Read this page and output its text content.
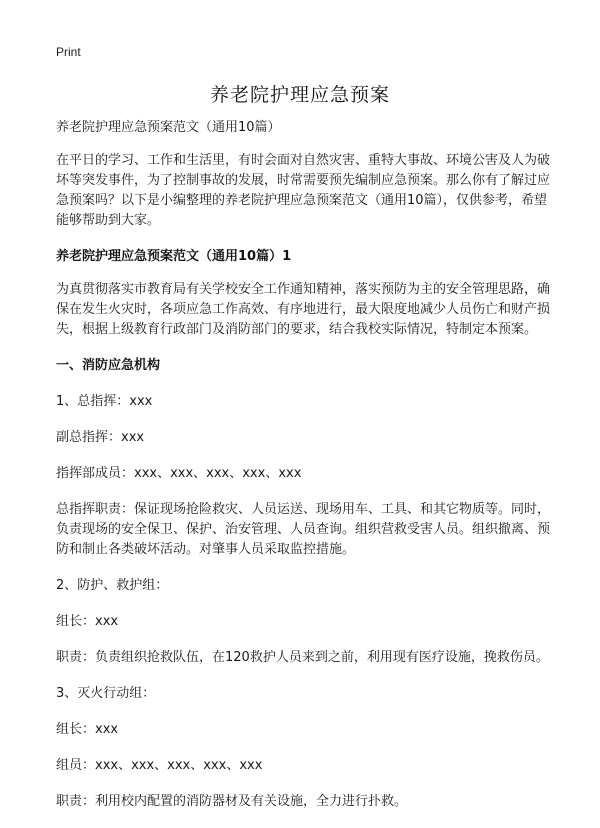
Print
养老院护理应急预案

养老院护理应急预案范文（通用10篇）

在平日的学习、工作和生活里，有时会面对自然灾害、重特大事故、环境公害及人为破坏等突发事件，为了控制事故的发展，时常需要预先编制应急预案。那么你有了解过应急预案吗？以下是小编整理的养老院护理应急预案范文（通用10篇），仅供参考，希望能够帮助到大家。

养老院护理应急预案范文（通用10篇）1

为真贯彻落实市教育局有关学校安全工作通知精神，落实预防为主的安全管理思路，确保在发生火灾时，各项应急工作高效、有序地进行，最大限度地减少人员伤亡和财产损失，根据上级教育行政部门及消防部门的要求，结合我校实际情况，特制定本预案。

一、消防应急机构

1、总指挥：xxx

副总指挥：xxx

指挥部成员：xxx、xxx、xxx、xxx、xxx

总指挥职责：保证现场抢险救灾、人员运送、现场用车、工具、和其它物质等。同时，负责现场的安全保卫、保护、治安管理、人员查询。组织营救受害人员。组织撤离、预防和制止各类破坏活动。对肇事人员采取监控措施。

2、防护、救护组：

组长：xxx

职责：负责组织抢救队伍，在120救护人员来到之前，利用现有医疗设施，挽救伤员。

3、灭火行动组：

组长：xxx

组员：xxx、xxx、xxx、xxx、xxx

职责：利用校内配置的消防器材及有关设施，全力进行扑救。
